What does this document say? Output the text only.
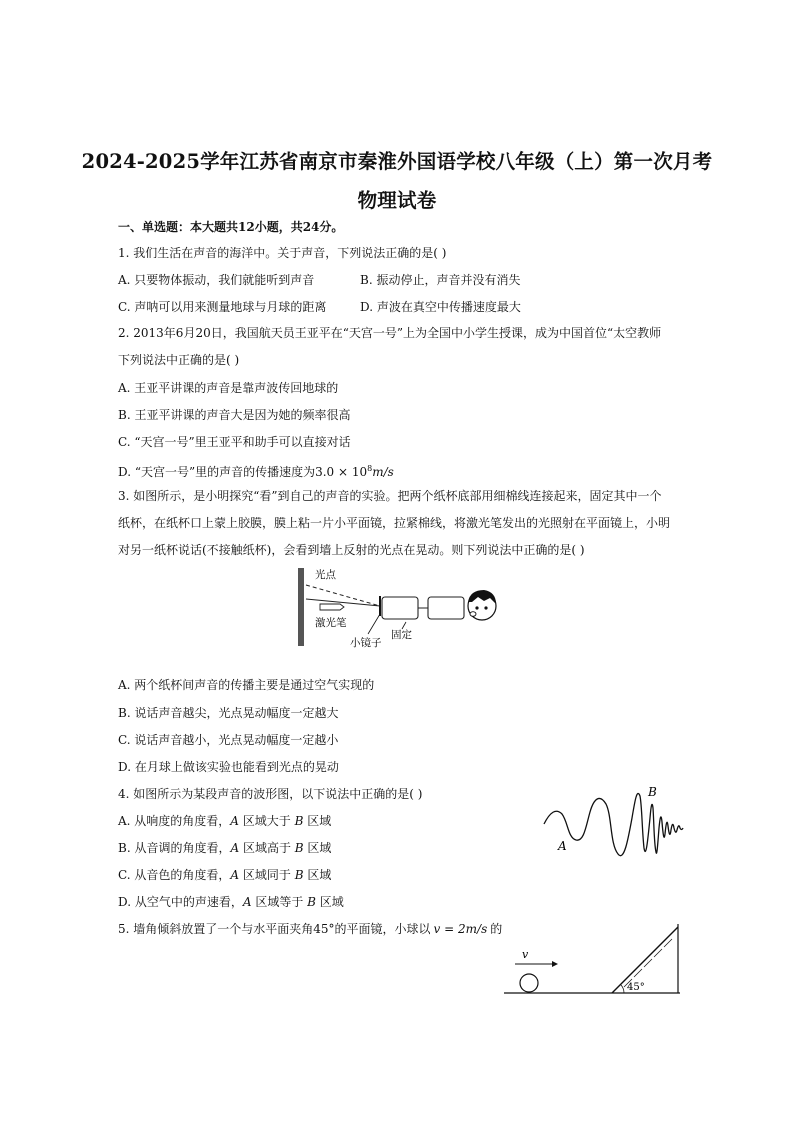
2024-2025学年江苏省南京市秦淮外国语学校八年级（上）第一次月考
物理试卷
一、单选题：本大题共12小题，共24分。
1. 我们生活在声音的海洋中。关于声音，下列说法正确的是( )
A. 只要物体振动，我们就能听到声音	B. 振动停止，声音并没有消失
C. 声呐可以用来测量地球与月球的距离	D. 声波在真空中传播速度最大
2. 2013年6月20日，我国航天员王亚平在“天宫一号”上为全国中小学生授课，成为中国首位“太空教师
下列说法中正确的是( )
A. 王亚平讲课的声音是靠声波传回地球的
B. 王亚平讲课的声音大是因为她的频率很高
C. “天宫一号”里王亚平和助手可以直接对话
D. “天宫一号”里的声音的传播速度为$3.0 \times 10^8m/s$
3. 如图所示，是小明探究“看”到自己的声音的实验。把两个纸杯底部用细棉线连接起来，固定其中一个
纸杯，在纸杯口上蒙上胶膜，膜上粘一片小平面镜，拉紧棉线，将激光笔发出的光照射在平面镜上，小明
对另一纸杯说话(不接触纸杯)，会看到墙上反射的光点在晃动。则下列说法中正确的是( )
光点
激光笔
小镜子
固定
A. 两个纸杯间声音的传播主要是通过空气实现的
B. 说话声音越尖，光点晃动幅度一定越大
C. 说话声音越小，光点晃动幅度一定越小
D. 在月球上做该实验也能看到光点的晃动
4. 如图所示为某段声音的波形图，以下说法中正确的是( )
A. 从响度的角度看，A 区域大于 B 区域
B. 从音调的角度看，A 区域高于 B 区域
C. 从音色的角度看，A 区域同于 B 区域
D. 从空气中的声速看，A 区域等于 B 区域
A
B
5. 墙角倾斜放置了一个与水平面夹角45°的平面镜，小球以 v = 2m/s 的
v
45°
